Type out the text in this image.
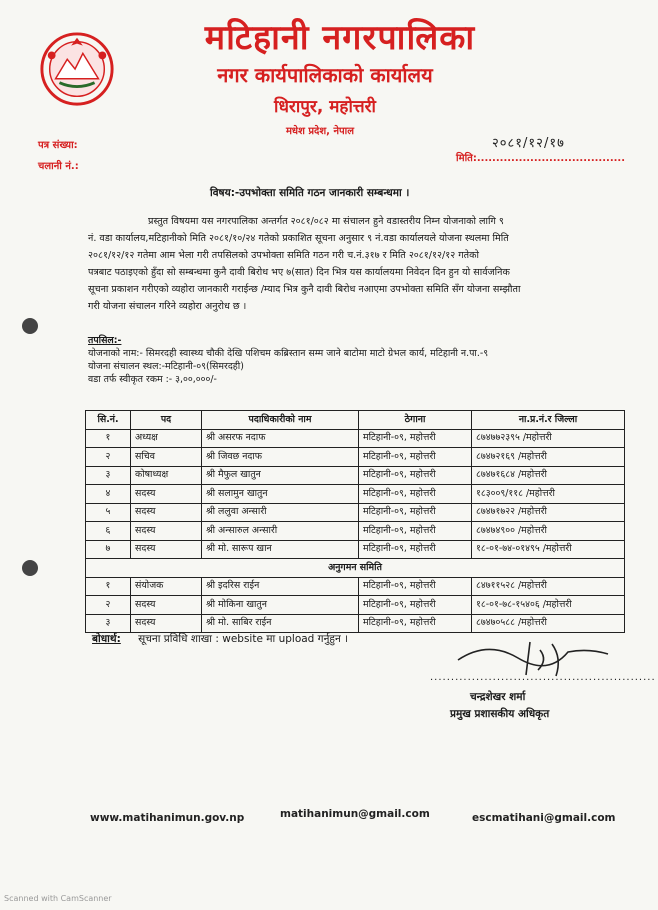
मटिहानी नगरपालिका
नगर कार्यपालिकाको कार्यालय
धिरापुर, महोत्तरी
मधेश प्रदेश, नेपाल
पत्र संख्या:
चलानी नं.:
२०८१/१२/१७
मिति:.......................................
विषय:-उपभोक्ता समिति गठन जानकारी सम्बन्धमा ।
प्रस्तुत विषयमा यस नगरपालिका अन्तर्गत २०८१/०८२ मा संचालन हुने वडास्तरीय निम्न योजनाको लागि ९
नं. वडा कार्यालय,मटिहानीको मिति २०८१/१०/२४ गतेको प्रकाशित सूचना अनुसार ९ नं.वडा कार्यालयले योजना स्थलमा मिति
२०८१/१२/१२ गतेमा आम भेला गरी तपसिलको उपभोक्ता समिति गठन गरी च.नं.३१७ र मिति २०८१/१२/१२ गतेको
पत्रबाट पठाइएको हुँदा सो सम्बन्धमा कुनै दावी बिरोध भए ७(सात) दिन भित्र यस कार्यालयमा निवेदन दिन हुन यो सार्वजनिक
सूचना प्रकाशन गरीएको व्यहोरा जानकारी गराईन्छ /म्याद भित्र कुनै दावी बिरोध नआएमा उपभोक्ता समिति सँग योजना सम्झौता
गरी योजना संचालन गरिने व्यहोरा अनुरोध छ ।
तपसिल:-
योजनाको नाम:- सिमरदही स्वास्थ्य चौकी देखि पशिचम कब्रिस्तान सम्म जाने बाटोमा माटो ग्रेभल कार्य, मटिहानी न.पा.-९
योजना संचालन स्थल:-मटिहानी-०९(सिमरदही)
वडा तर्फ स्वीकृत रकम :- ३,००,०००/-
सि.नं.	पद	पदाधिकारीको नाम	ठेगाना	ना.प्र.नं.र जिल्ला
१	अध्यक्ष	श्री असरफ नदाफ	मटिहानी-०९, महोत्तरी	८७४७७२३९५ /महोत्तरी
२	सचिव	श्री जिवछ नदाफ	मटिहानी-०९, महोत्तरी	८७४७२१६९ /महोत्तरी
३	कोषाध्यक्ष	श्री मैफुल खातुन	मटिहानी-०९, महोत्तरी	८७४७१६८४ /महोत्तरी
४	सदस्य	श्री सलामुन खातुन	मटिहानी-०९, महोत्तरी	१८३००९/११८ /महोत्तरी
५	सदस्य	श्री ललुवा अन्सारी	मटिहानी-०९, महोत्तरी	८७४७१७२२ /महोत्तरी
६	सदस्य	श्री अन्सारुल अन्सारी	मटिहानी-०९, महोत्तरी	८७४७४९०० /महोत्तरी
७	सदस्य	श्री मो. सारूप खान	मटिहानी-०९, महोत्तरी	१८-०१-७४-०१४९५ /महोत्तरी
अनुगमन समिति				
१	संयोजक	श्री इदरिस राईन	मटिहानी-०९, महोत्तरी	८४७११५२८ /महोत्तरी
२	सदस्य	श्री मोकिना खातुन	मटिहानी-०९, महोत्तरी	१८-०१-७८-१५४०६ /महोत्तरी
३	सदस्य	श्री मो. साबिर राईन	मटिहानी-०९, महोत्तरी	८७४७०५८८ /महोत्तरी
बोधार्थ: सूचना प्रविधि शाखा : website मा upload गर्नुहुन ।
......................................................
चन्द्रशेखर शर्मा
प्रमुख प्रशासकीय अधिकृत
www.matihanimun.gov.np	matihanimun@gmail.com	escmatihani@gmail.com
Scanned with CamScanner
